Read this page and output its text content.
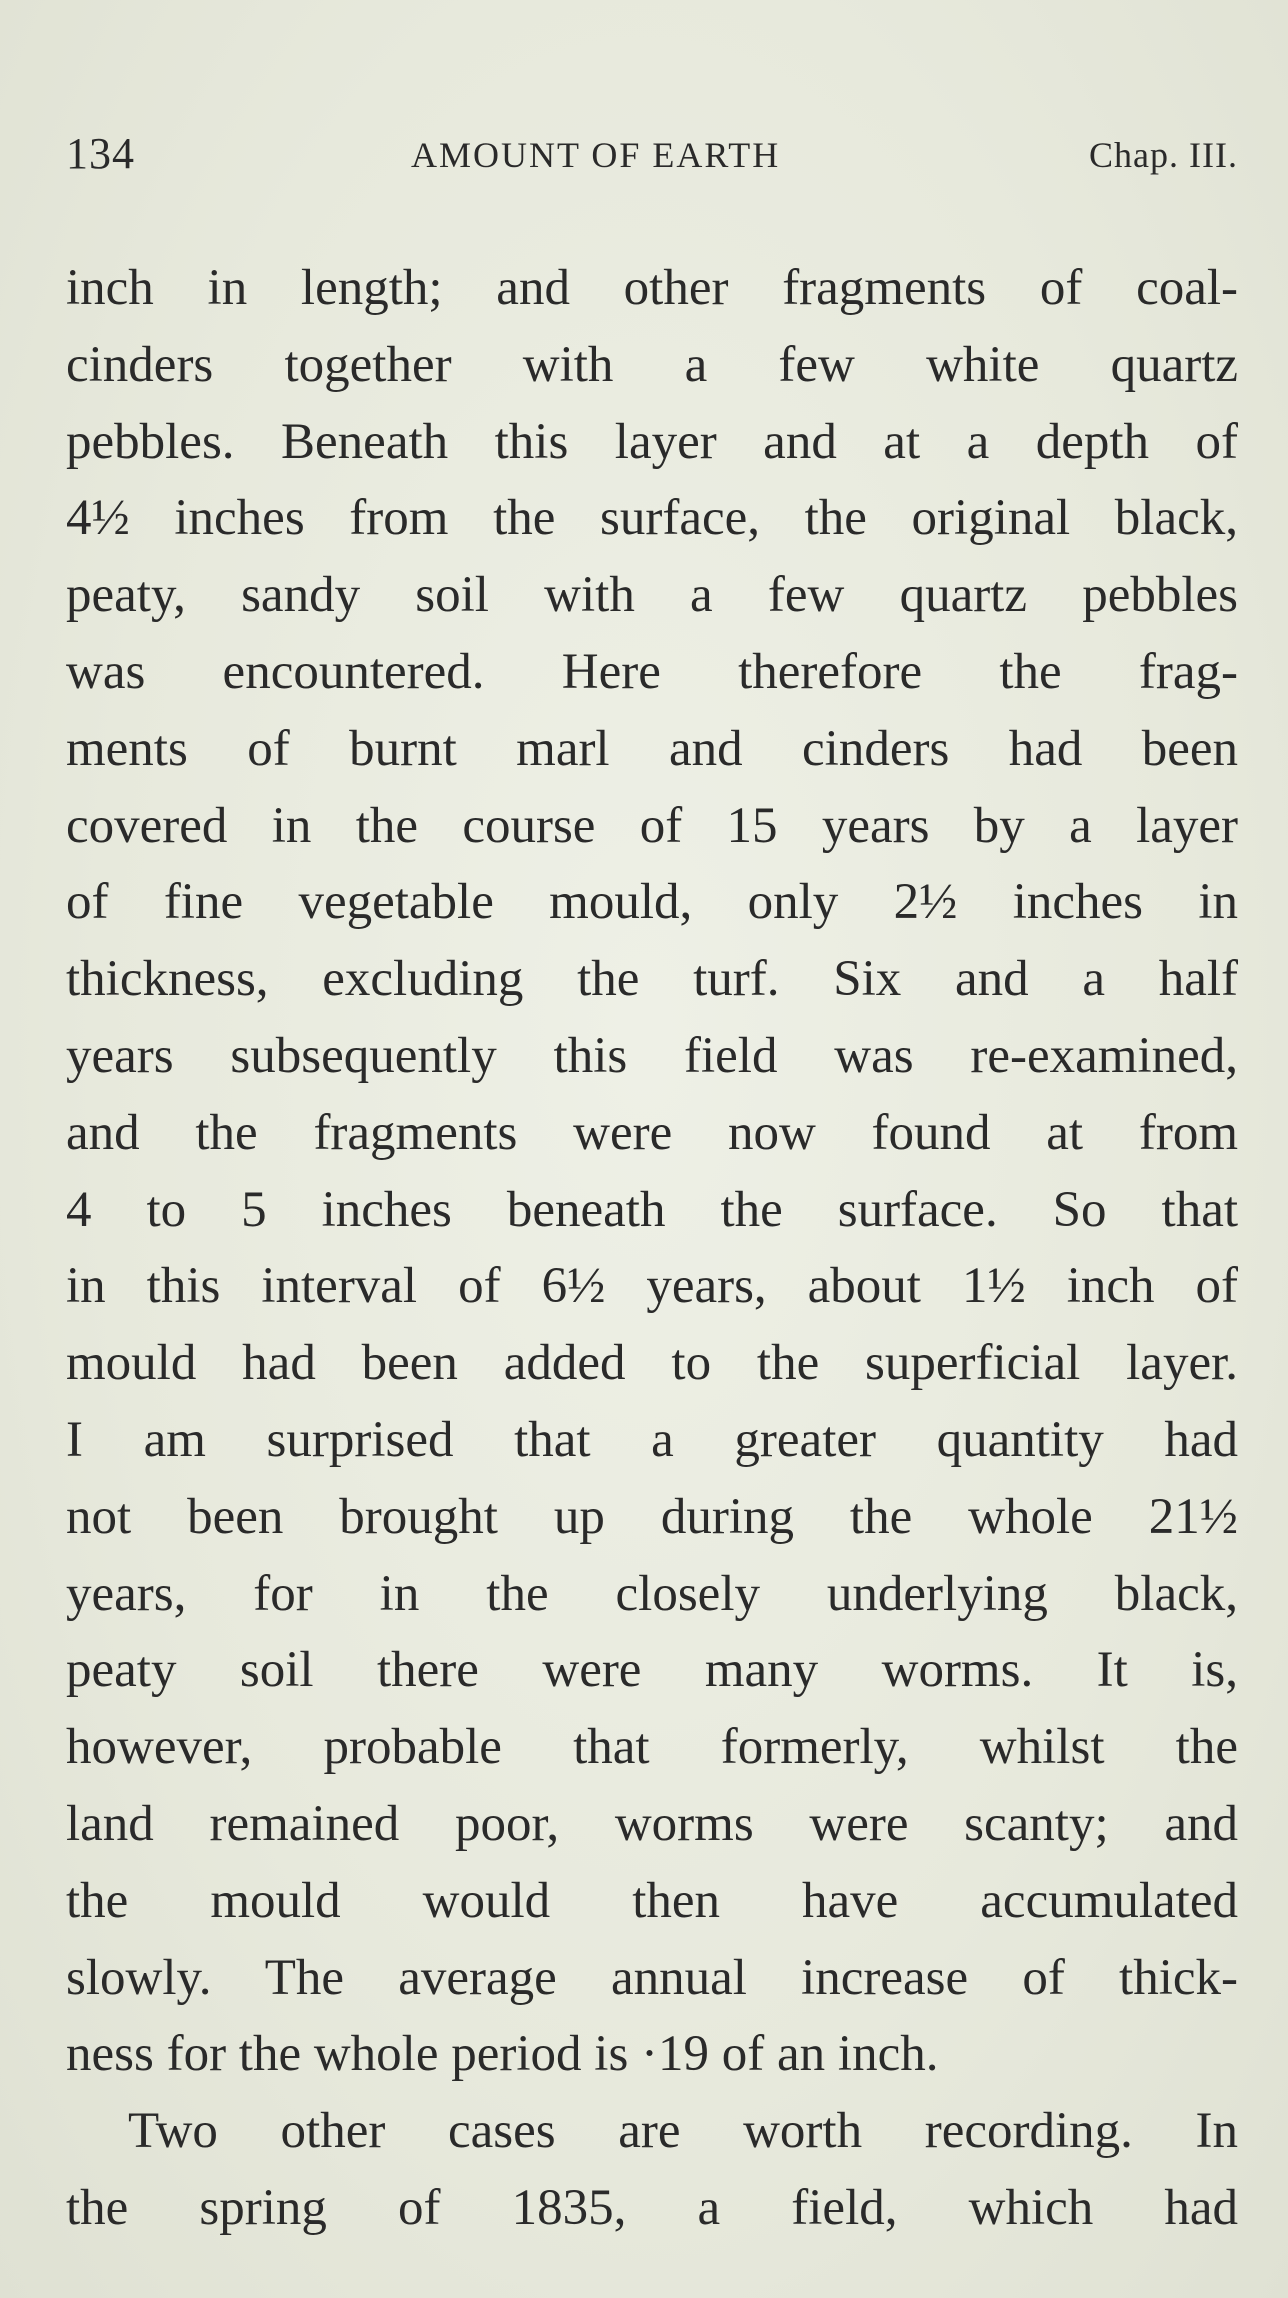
134	AMOUNT OF EARTH	Chap. III.
inch in length; and other fragments of coal-
cinders together with a few white quartz
pebbles. Beneath this layer and at a depth of
4½ inches from the surface, the original black,
peaty, sandy soil with a few quartz pebbles
was encountered. Here therefore the frag-
ments of burnt marl and cinders had been
covered in the course of 15 years by a layer
of fine vegetable mould, only 2½ inches in
thickness, excluding the turf. Six and a half
years subsequently this field was re-examined,
and the fragments were now found at from
4 to 5 inches beneath the surface. So that
in this interval of 6½ years, about 1½ inch of
mould had been added to the superficial layer.
I am surprised that a greater quantity had
not been brought up during the whole 21½
years, for in the closely underlying black,
peaty soil there were many worms. It is,
however, probable that formerly, whilst the
land remained poor, worms were scanty; and
the mould would then have accumulated
slowly. The average annual increase of thick-
ness for the whole period is ·19 of an inch.
Two other cases are worth recording. In
the spring of 1835, a field, which had
